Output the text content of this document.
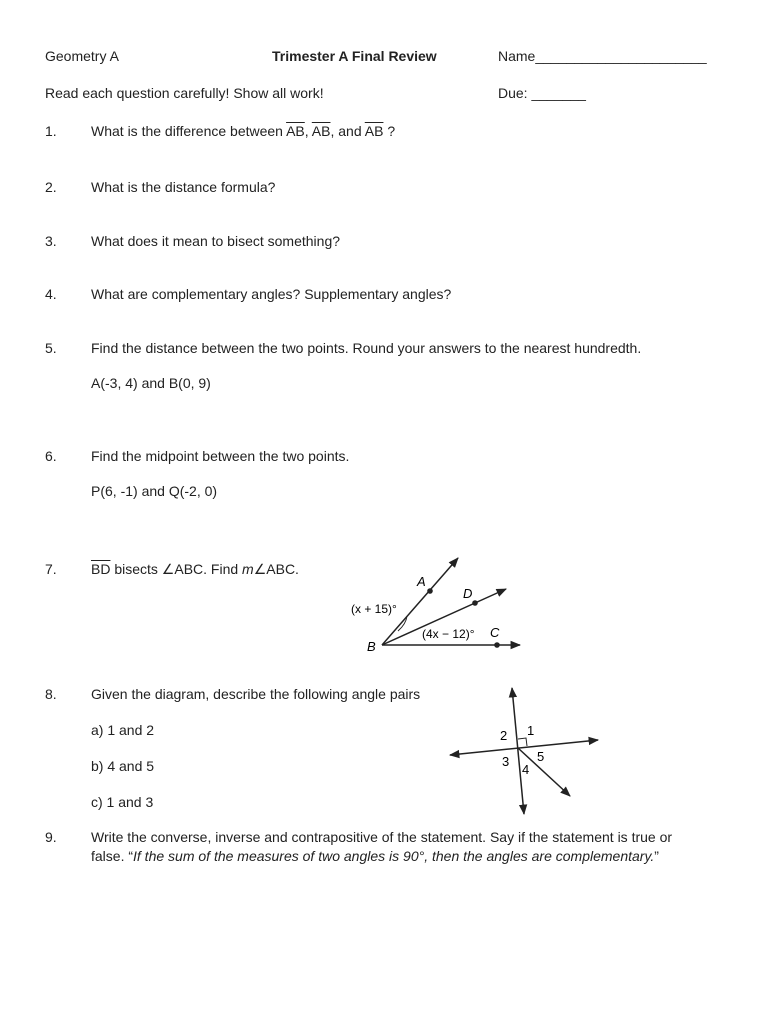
Geometry A	Trimester A Final Review	Name______________________
Read each question carefully! Show all work!	Due: _______
1. What is the difference between $\overline{AB}$, $\overline{AB}$, and $\overline{AB}$ ?
2. What is the distance formula?
3. What does it mean to bisect something?
4. What are complementary angles? Supplementary angles?
5. Find the distance between the two points. Round your answers to the nearest hundredth.
A(-3, 4) and B(0, 9)
6. Find the midpoint between the two points.
P(6, -1) and Q(-2, 0)
7. $\overline{BD}$ bisects ∠ABC. Find m∠ABC.
A
D
B
C
(x + 15)°
(4x − 12)°
8. Given the diagram, describe the following angle pairs
a) 1 and 2
b) 4 and 5
c) 1 and 3
1
2
3
4
5
9. Write the converse, inverse and contrapositive of the statement. Say if the statement is true or
false. “If the sum of the measures of two angles is 90°, then the angles are complementary.”
